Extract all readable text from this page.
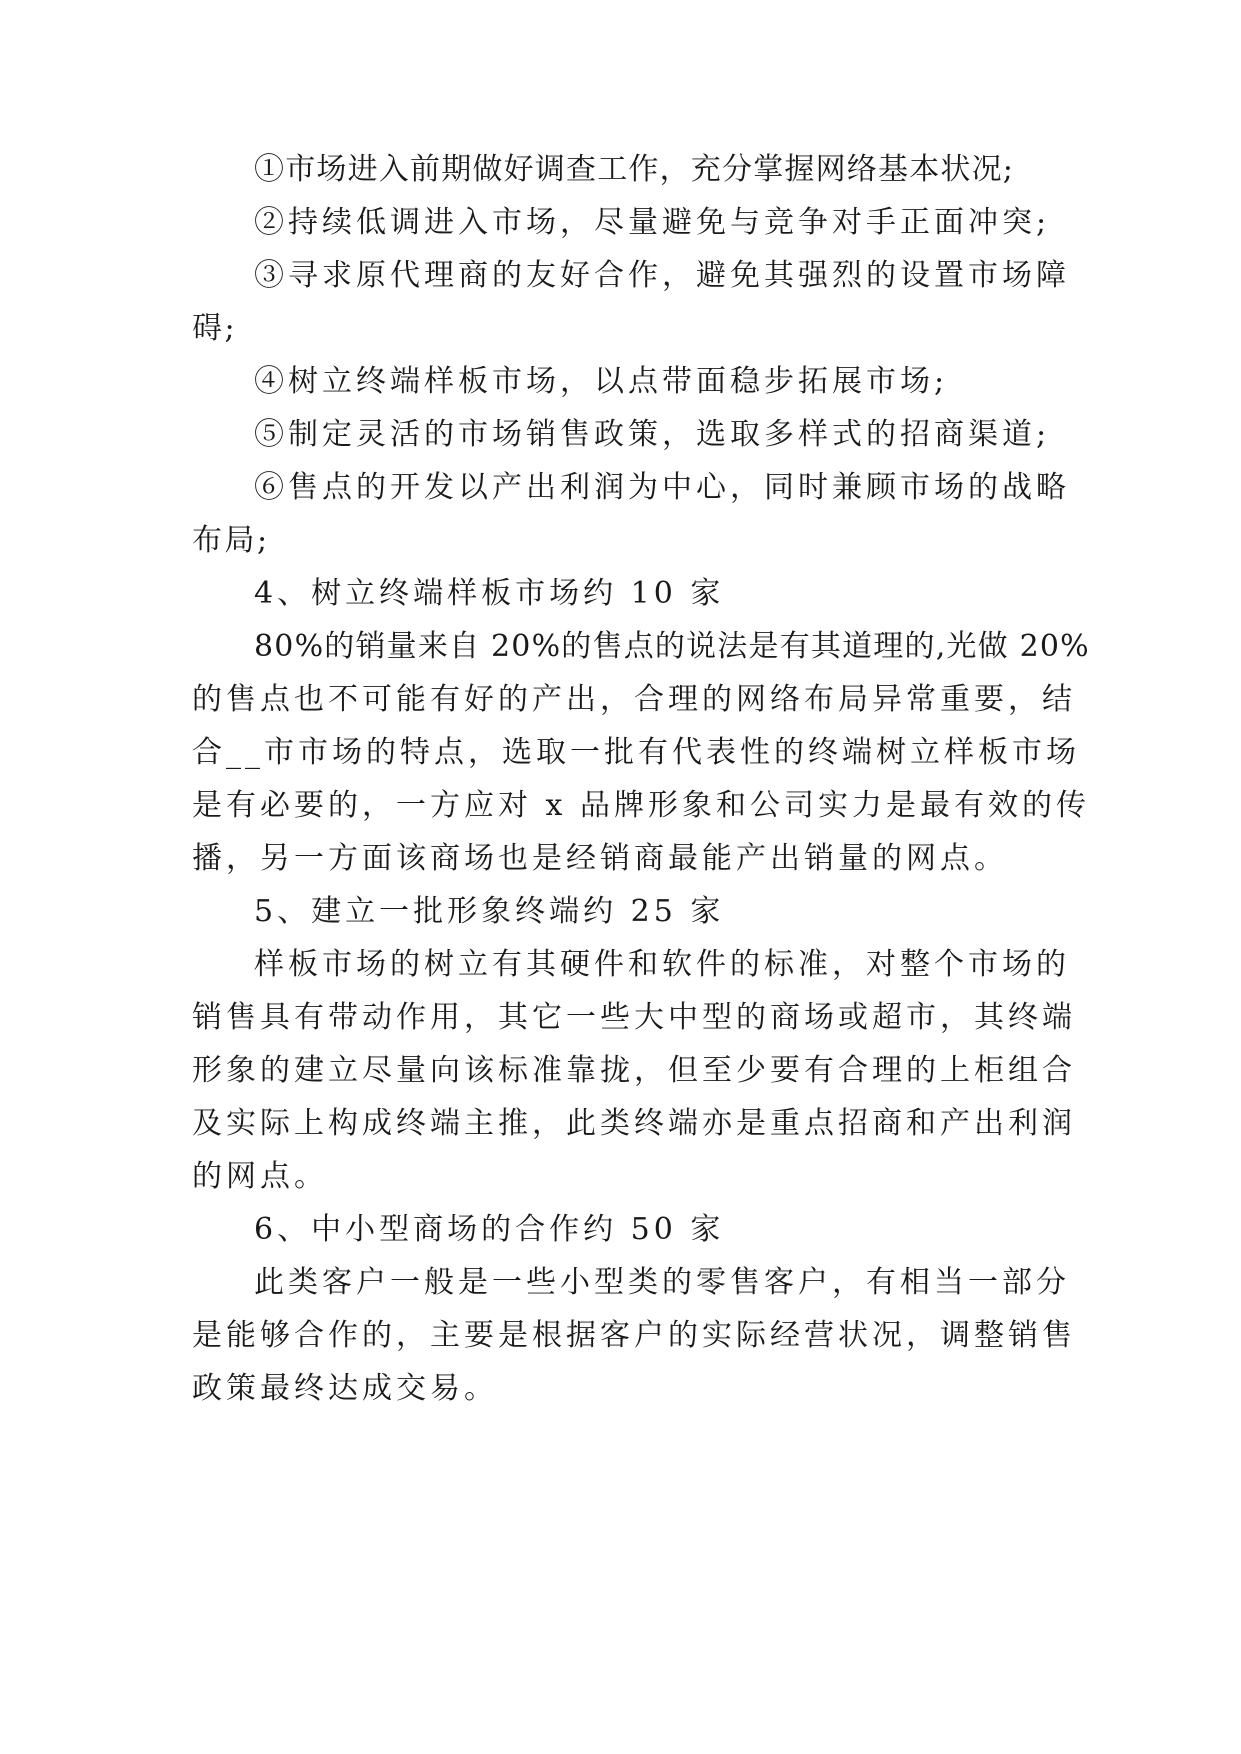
①市场进入前期做好调查工作，充分掌握网络基本状况;
②持续低调进入市场，尽量避免与竞争对手正面冲突;
③寻求原代理商的友好合作，避免其强烈的设置市场障
碍;
④树立终端样板市场，以点带面稳步拓展市场;
⑤制定灵活的市场销售政策，选取多样式的招商渠道;
⑥售点的开发以产出利润为中心，同时兼顾市场的战略
布局;
4、树立终端样板市场约 10 家
80%的销量来自 20%的售点的说法是有其道理的,光做 20%
的售点也不可能有好的产出，合理的网络布局异常重要，结
合__市市场的特点，选取一批有代表性的终端树立样板市场
是有必要的，一方应对 x 品牌形象和公司实力是最有效的传
播，另一方面该商场也是经销商最能产出销量的网点。
5、建立一批形象终端约 25 家
样板市场的树立有其硬件和软件的标准，对整个市场的
销售具有带动作用，其它一些大中型的商场或超市，其终端
形象的建立尽量向该标准靠拢，但至少要有合理的上柜组合
及实际上构成终端主推，此类终端亦是重点招商和产出利润
的网点。
6、中小型商场的合作约 50 家
此类客户一般是一些小型类的零售客户，有相当一部分
是能够合作的，主要是根据客户的实际经营状况，调整销售
政策最终达成交易。
